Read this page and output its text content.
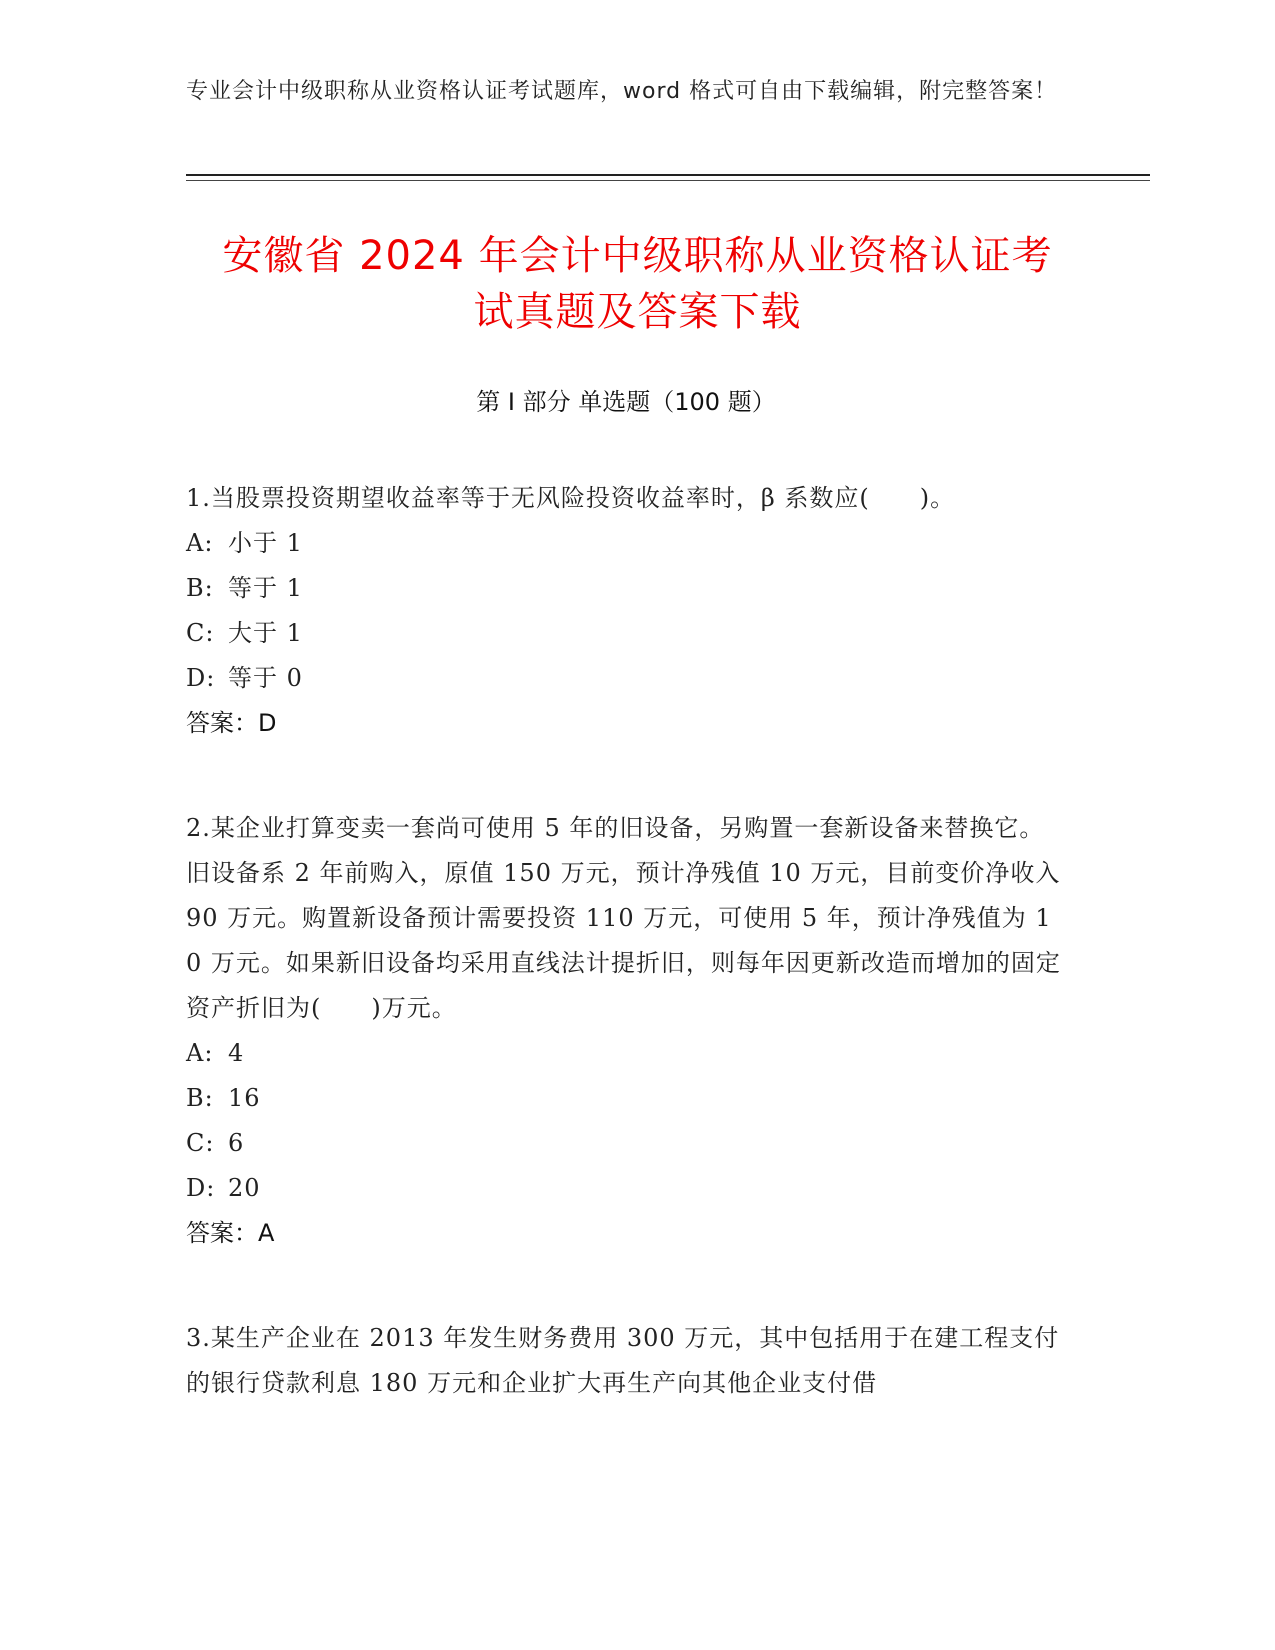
专业会计中级职称从业资格认证考试题库，word 格式可自由下载编辑，附完整答案！
安徽省 2024 年会计中级职称从业资格认证考
试真题及答案下载
第 I 部分 单选题（100 题）
1.当股票投资期望收益率等于无风险投资收益率时，β 系数应(　　)。
A: 小于 1
B: 等于 1
C: 大于 1
D: 等于 0
答案：D
2.某企业打算变卖一套尚可使用 5 年的旧设备，另购置一套新设备来替换它。旧设备系 2 年前购入，原值 150 万元，预计净残值 10 万元，目前变价净收入 90 万元。购置新设备预计需要投资 110 万元，可使用 5 年，预计净残值为 10 万元。如果新旧设备均采用直线法计提折旧，则每年因更新改造而增加的固定资产折旧为(　　)万元。
A: 4
B: 16
C: 6
D: 20
答案：A
3.某生产企业在 2013 年发生财务费用 300 万元，其中包括用于在建工程支付的银行贷款利息 180 万元和企业扩大再生产向其他企业支付借
